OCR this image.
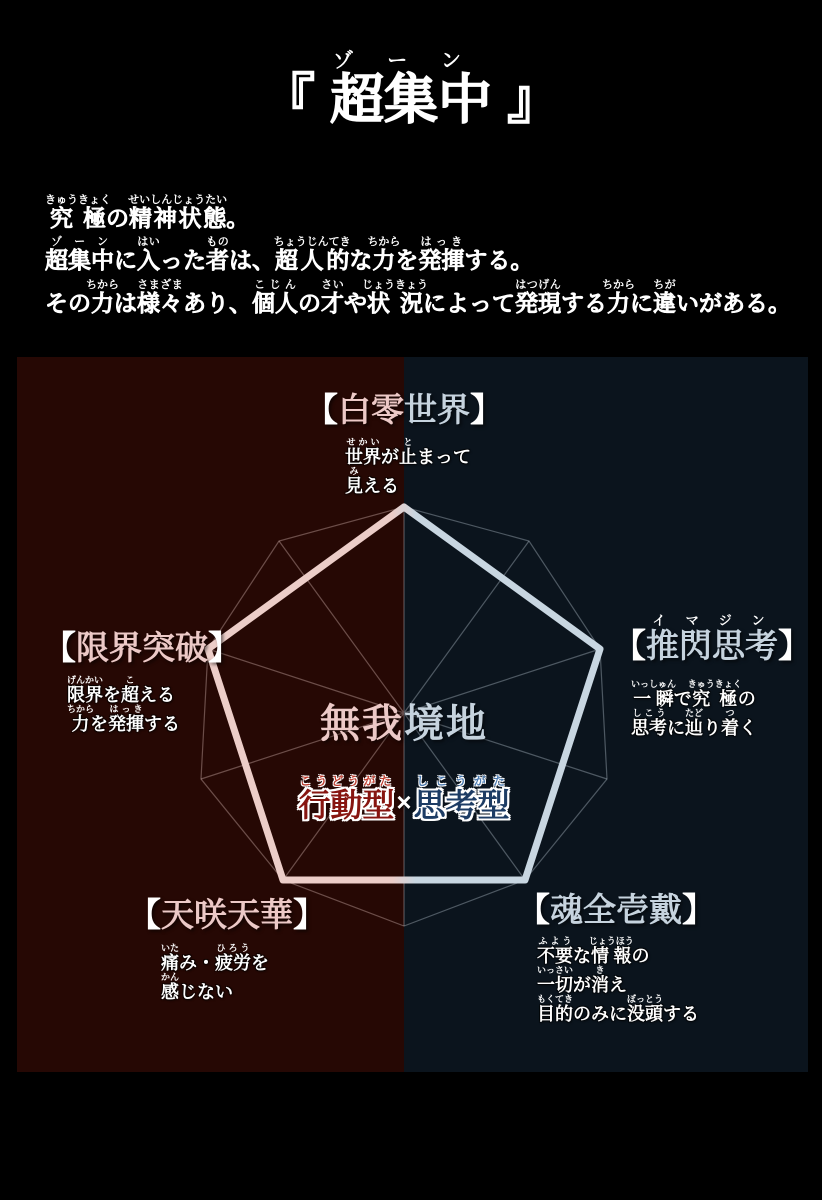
『 超集中ゾーン 』

究極きゅうきょくの精神状態せいしんじょうたい。

超集中ゾーンに入はいった者ものは、超人的ちょうじんてきな力ちからを発揮はっきする。

その力ちからは様々さまざまあり、個人こじんの才さいや状況じょうきょうによって発現はつげんする力ちからに違ちがいがある。

【白零世界】

世界せかいが止とまって

見みえる

【推閃思考イマジン】

一瞬いっしゅんで究極きゅうきょくの

思考しこうに辿たどり着つく

【魂全壱戴】

不要ふような情報じょうほうの

一切いっさいが消きえ

目的もくてきのみに没頭ぼっとうする

【天咲天華】

痛いたみ・疲労ひろうを

感かんじない

【限界突破】

限界げんかいを超こえる

力ちからを発揮はっきする	無我境地
行動型こうどうがた
× 思考型しこうがた
